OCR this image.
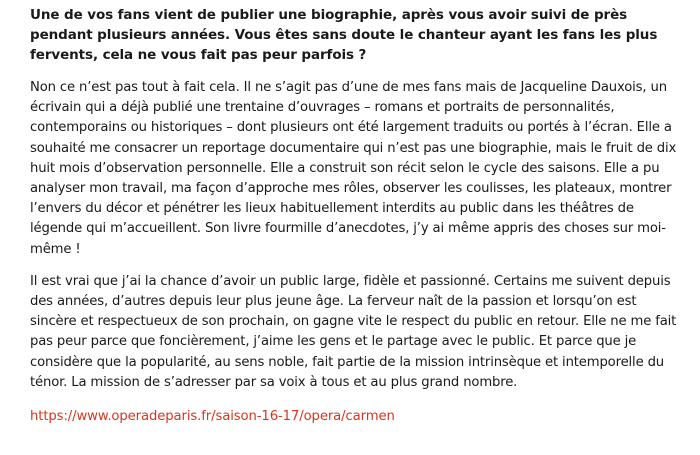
Une de vos fans vient de publier une biographie, après vous avoir suivi de près pendant plusieurs années. Vous êtes sans doute le chanteur ayant les fans les plus fervents, cela ne vous fait pas peur parfois ?

Non ce n’est pas tout à fait cela. Il ne s’agit pas d’une de mes fans mais de Jacqueline Dauxois, un écrivain qui a déjà publié une trentaine d’ouvrages – romans et portraits de personnalités, contemporains ou historiques – dont plusieurs ont été largement traduits ou portés à l’écran. Elle a souhaité me consacrer un reportage documentaire qui n’est pas une biographie, mais le fruit de dix huit mois d’observation personnelle. Elle a construit son récit selon le cycle des saisons. Elle a pu analyser mon travail, ma façon d’approche mes rôles, observer les coulisses, les plateaux, montrer l’envers du décor et pénétrer les lieux habituellement interdits au public dans les théâtres de légende qui m’accueillent. Son livre fourmille d’anecdotes, j’y ai même appris des choses sur moi-même !

Il est vrai que j’ai la chance d’avoir un public large, fidèle et passionné. Certains me suivent depuis des années, d’autres depuis leur plus jeune âge. La ferveur naît de la passion et lorsqu’on est sincère et respectueux de son prochain, on gagne vite le respect du public en retour. Elle ne me fait pas peur parce que foncièrement, j’aime les gens et le partage avec le public. Et parce que je considère que la popularité, au sens noble, fait partie de la mission intrinsèque et intemporelle du ténor. La mission de s’adresser par sa voix à tous et au plus grand nombre.

https://www.operadeparis.fr/saison-16-17/opera/carmen
